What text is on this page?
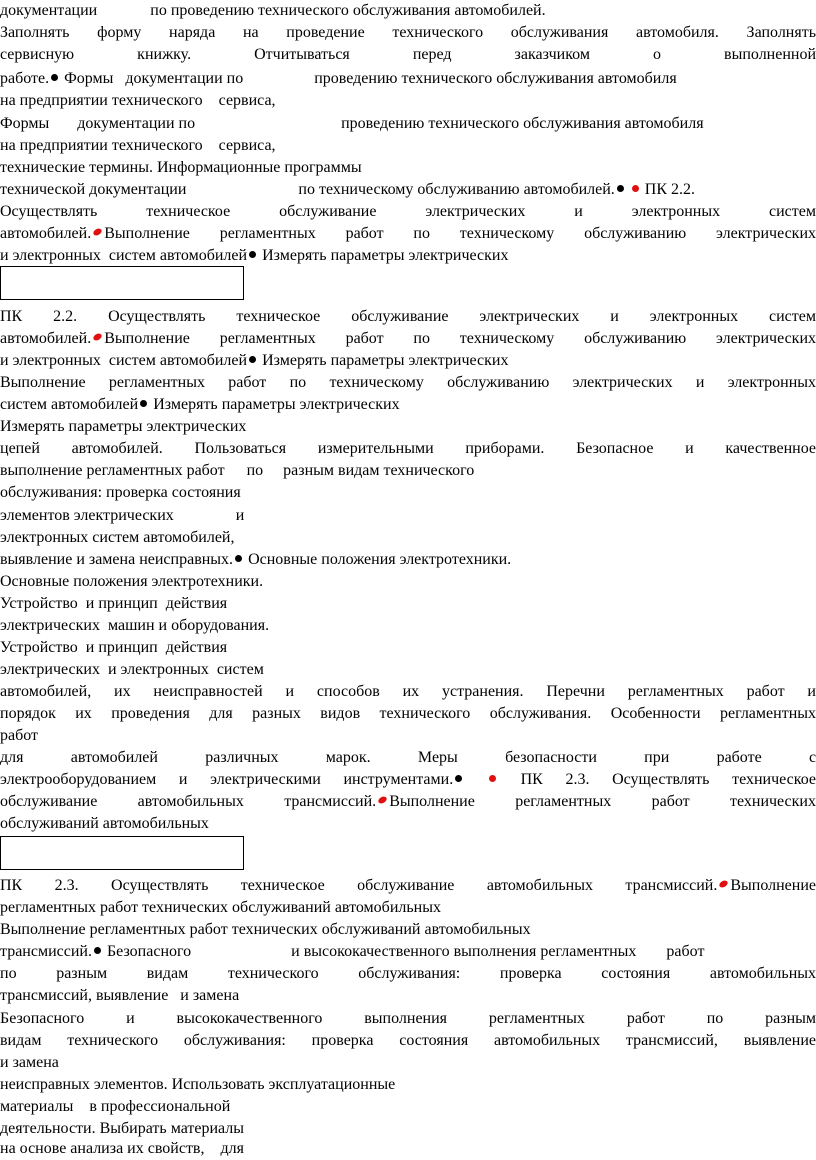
документации	по проведению технического обслуживания автомобилей.
Заполнять форму наряда на проведение технического обслуживания автомобиля. Заполнять
сервисную	книжку. Отчитываться	перед заказчиком	о выполненной
работе. Формы документации по	проведению технического обслуживания автомобиля
на предприятии технического сервиса,
Формы документации по	проведению технического обслуживания автомобиля
на предприятии технического сервиса,
технические термины. Информационные программы
технической документации	по техническому обслуживанию автомобилей. ПК 2.2.
Осуществлять техническое обслуживание электрических и электронных систем
автомобилей. Выполнение регламентных работ по техническому обслуживанию электрических
и электронных систем автомобилей Измерять параметры электрических
ПК 2.2. Осуществлять техническое обслуживание электрических и электронных систем
автомобилей. Выполнение регламентных работ по техническому обслуживанию электрических
и электронных систем автомобилей Измерять параметры электрических
Выполнение регламентных работ по техническому обслуживанию электрических и электронных
систем автомобилей Измерять параметры электрических
Измерять параметры электрических
цепей автомобилей. Пользоваться измерительными приборами. Безопасное и качественное
выполнение регламентных работ по разным видам технического
обслуживания: проверка состояния
элементов электрических	и
электронных систем автомобилей,
выявление и замена неисправных. Основные положения электротехники.
Основные положения электротехники.
Устройство и принцип действия
электрических машин и оборудования.
Устройство и принцип действия
электрических и электронных систем
автомобилей, их неисправностей и способов их устранения. Перечни регламентных работ и
порядок их проведения для разных видов технического обслуживания. Особенности регламентных
работ
для	автомобилей различных марок. Меры	безопасности при	работе	с
электрооборудованием и электрическими инструментами.	ПК 2.3. Осуществлять техническое
обслуживание автомобильных трансмиссий. Выполнение регламентных работ технических
обслуживаний автомобильных
ПК 2.3. Осуществлять техническое обслуживание автомобильных трансмиссий. Выполнение
регламентных работ технических обслуживаний автомобильных
Выполнение регламентных работ технических обслуживаний автомобильных
трансмиссий. Безопасного	и высококачественного выполнения регламентных работ
по разным видам технического обслуживания: проверка состояния автомобильных
трансмиссий, выявление и замена
Безопасного	и высококачественного выполнения регламентных	работ по	разным
видам технического обслуживания: проверка состояния автомобильных трансмиссий, выявление
и замена
неисправных элементов. Использовать эксплуатационные
материалы в профессиональной
деятельности. Выбирать материалы
на основе анализа их свойств, для
